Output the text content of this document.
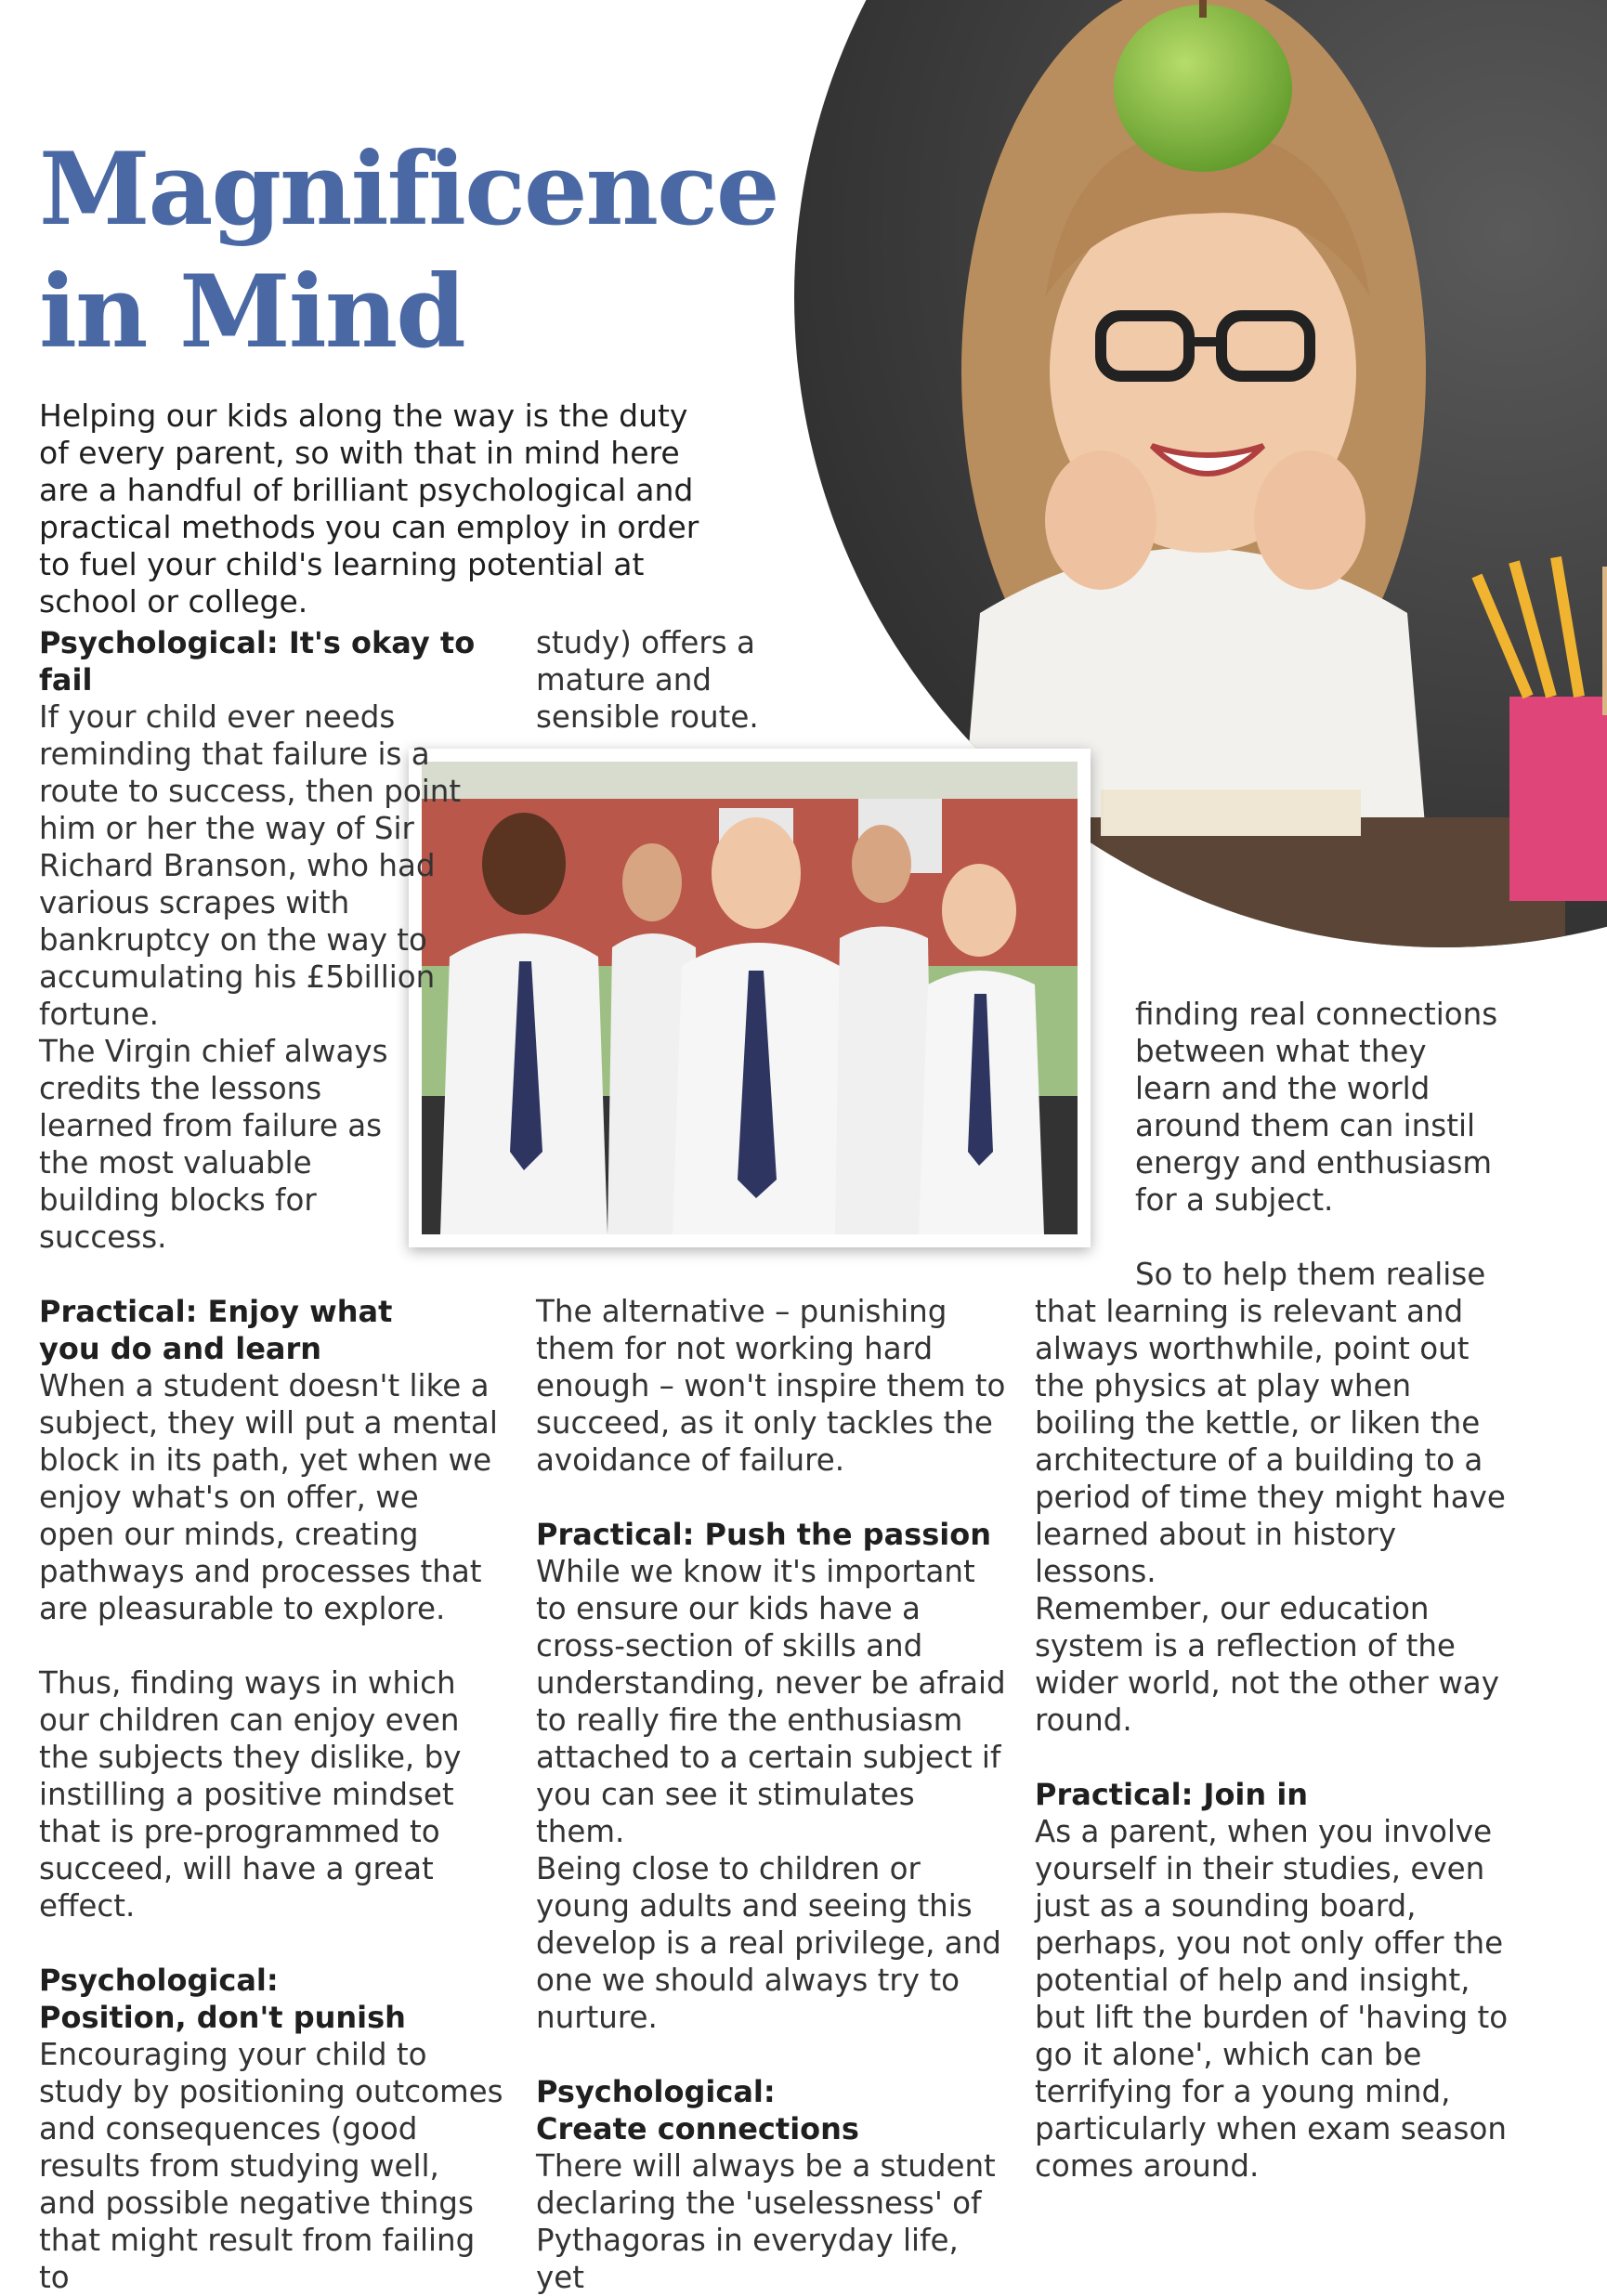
Magnificence
in Mind

Helping our kids along the way is the duty of every parent, so with that in mind here are a handful of brilliant psychological and practical methods you can employ in order to fuel your child's learning potential at school or college.

Psychological: It's okay to fail
If your child ever needs reminding that failure is a route to success, then point him or her the way of Sir Richard Branson, who had various scrapes with bankruptcy on the way to accumulating his £5billion fortune.
The Virgin chief always credits the lessons learned from failure as the most valuable building blocks for success.
Practical: Enjoy what
you do and learn

When a student doesn't like a subject, they will put a mental block in its path, yet when we enjoy what's on offer, we open our minds, creating pathways and processes that are pleasurable to explore.

Thus, finding ways in which our children can enjoy even the subjects they dislike, by instilling a positive mindset that is pre-programmed to succeed, will have a great effect.

Psychological:

Position, don't punish
Encouraging your child to study by positioning outcomes and consequences (good results from studying well, and possible negative things that might result from failing to
study) offers a mature and sensible route.

The alternative – punishing them for not working hard enough – won't inspire them to succeed, as it only tackles the avoidance of failure.

Practical: Push the passion

While we know it's important to ensure our kids have a cross-section of skills and understanding, never be afraid to really fire the enthusiasm attached to a certain subject if you can see it stimulates them.

Being close to children or young adults and seeing this develop is a real privilege, and one we should always try to nurture.

Psychological:

Create connections
There will always be a student declaring the 'uselessness' of Pythagoras in everyday life, yet
finding real connections between what they learn and the world around them can instil energy and enthusiasm for a subject.
So to help them realise that learning is relevant and always worthwhile, point out the physics at play when boiling the kettle, or liken the architecture of a building to a period of time they might have learned about in history lessons.

Remember, our education system is a reflection of the wider world, not the other way round.

Practical: Join in

As a parent, when you involve yourself in their studies, even just as a sounding board, perhaps, you not only offer the potential of help and insight, but lift the burden of 'having to go it alone', which can be terrifying for a young mind, particularly when exam season comes around.
